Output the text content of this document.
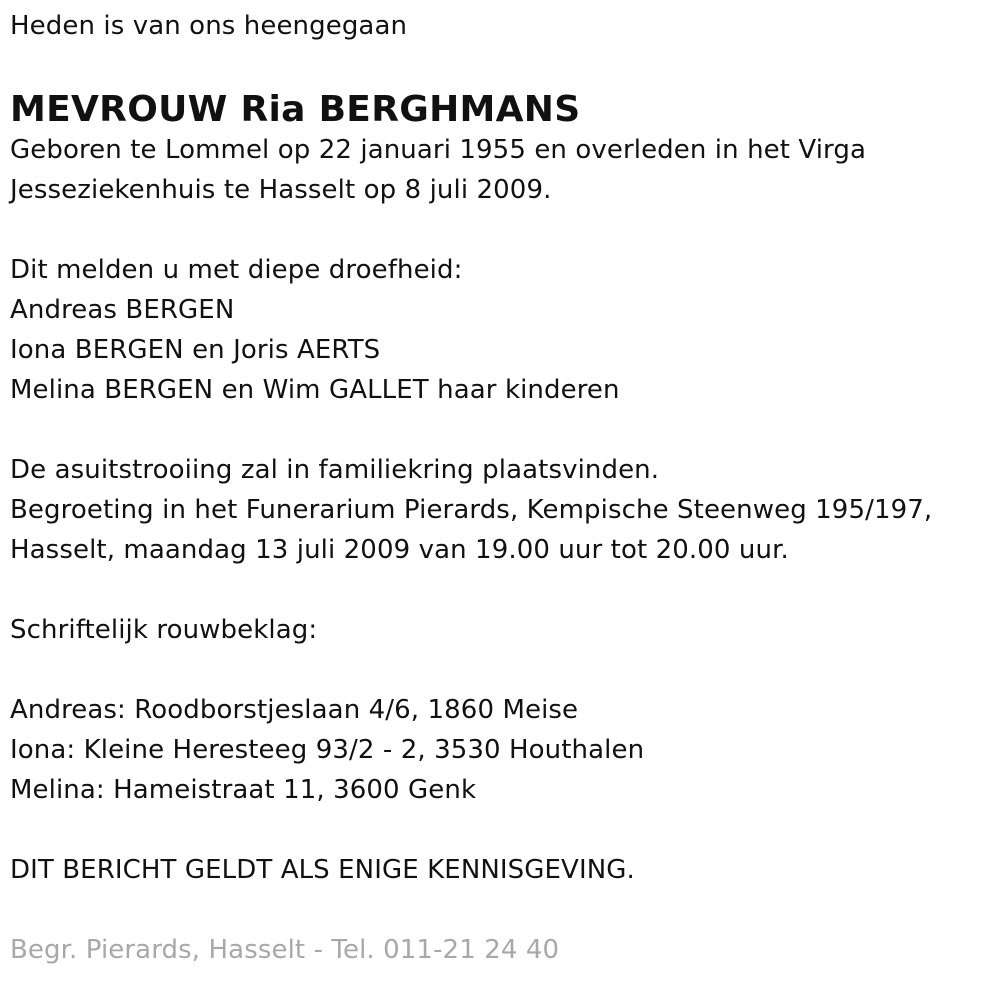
Heden is van ons heengegaan
MEVROUW Ria BERGHMANS
Geboren te Lommel op 22 januari 1955 en overleden in het Virga
Jesseziekenhuis te Hasselt op 8 juli 2009.
Dit melden u met diepe droefheid:
Andreas BERGEN
Iona BERGEN en Joris AERTS
Melina BERGEN en Wim GALLET haar kinderen
De asuitstrooiing zal in familiekring plaatsvinden.
Begroeting in het Funerarium Pierards, Kempische Steenweg 195/197,
Hasselt, maandag 13 juli 2009 van 19.00 uur tot 20.00 uur.
Schriftelijk rouwbeklag:
Andreas: Roodborstjeslaan 4/6, 1860 Meise
Iona: Kleine Heresteeg 93/2 - 2, 3530 Houthalen
Melina: Hameistraat 11, 3600 Genk
DIT BERICHT GELDT ALS ENIGE KENNISGEVING.
Begr. Pierards, Hasselt - Tel. 011-21 24 40
